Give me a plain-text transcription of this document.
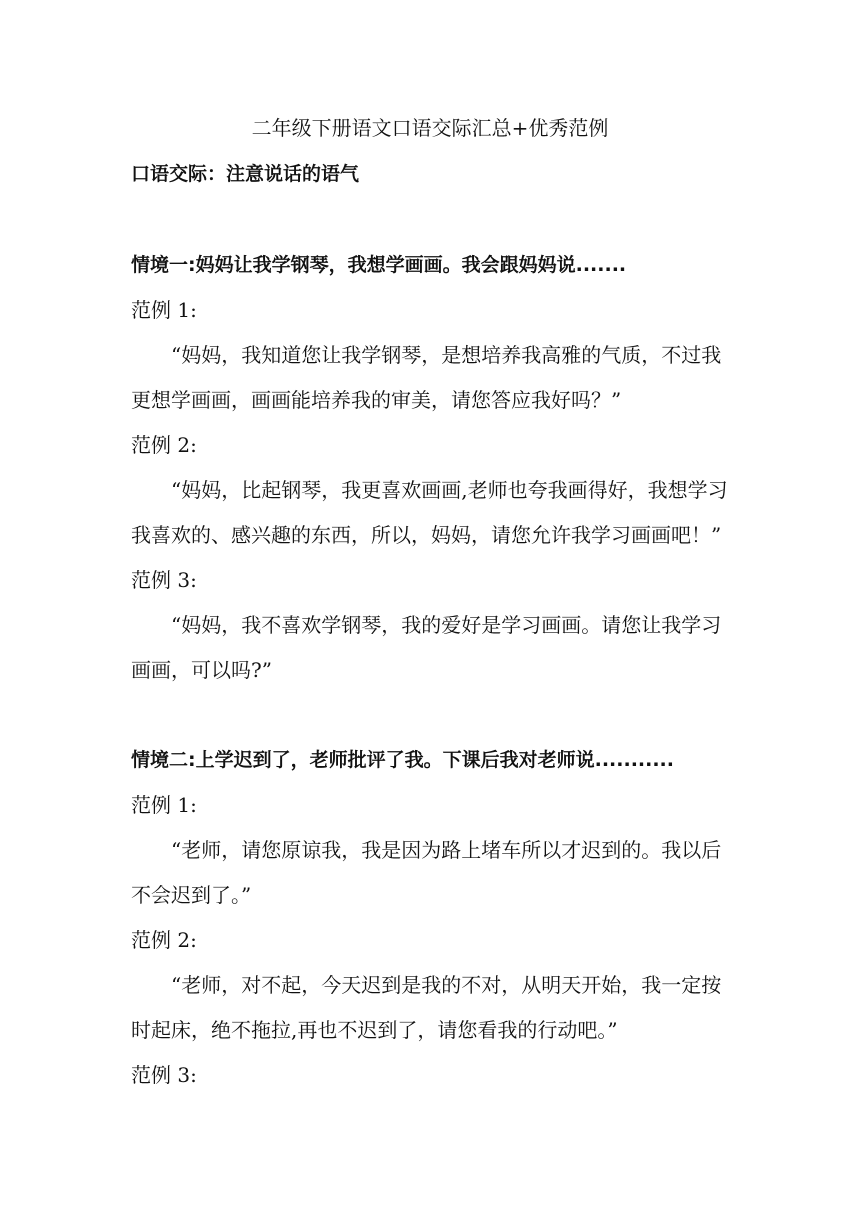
二年级下册语文口语交际汇总+优秀范例
口语交际：注意说话的语气
情境一:妈妈让我学钢琴，我想学画画。我会跟妈妈说.......
范例 1:
“妈妈，我知道您让我学钢琴，是想培养我高雅的气质，不过我
更想学画画，画画能培养我的审美，请您答应我好吗？”
范例 2:
“妈妈，比起钢琴，我更喜欢画画,老师也夸我画得好，我想学习
我喜欢的、感兴趣的东西，所以，妈妈，请您允许我学习画画吧！”
范例 3:
“妈妈，我不喜欢学钢琴，我的爱好是学习画画。请您让我学习
画画，可以吗?”
情境二:上学迟到了，老师批评了我。下课后我对老师说...........
范例 1:
“老师，请您原谅我，我是因为路上堵车所以才迟到的。我以后
不会迟到了。”
范例 2:
“老师，对不起，今天迟到是我的不对，从明天开始，我一定按
时起床，绝不拖拉,再也不迟到了，请您看我的行动吧。”
范例 3:
